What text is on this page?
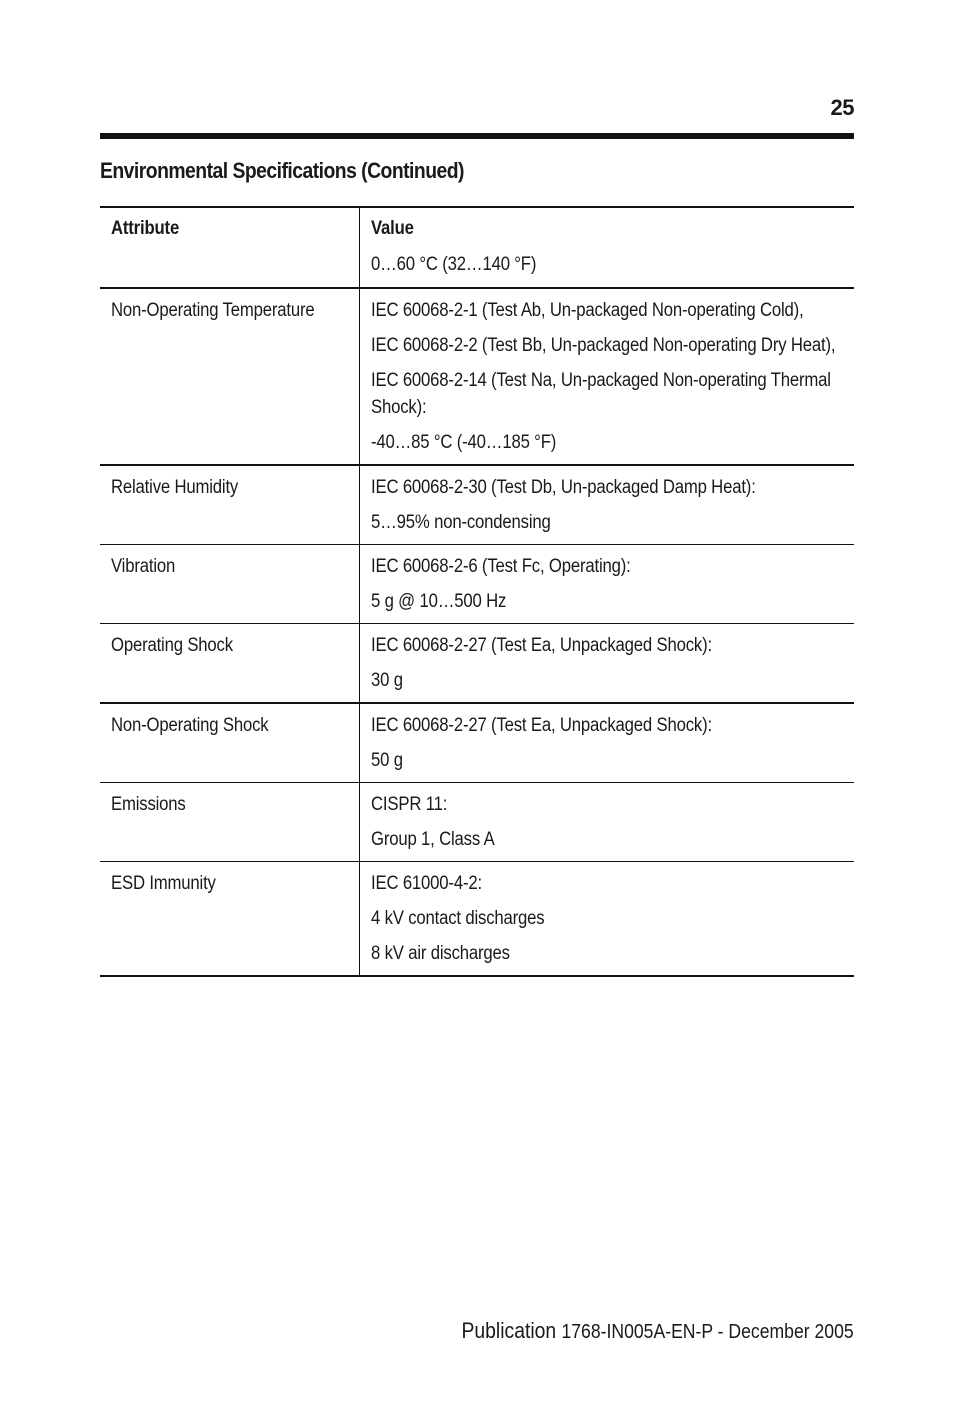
25
Environmental Specifications (Continued)
Attribute	Value

	0…60 °C (32…140 °F)

Non-Operating Temperature	IEC 60068-2-1 (Test Ab, Un-packaged Non-operating Cold),
IEC 60068-2-2 (Test Bb, Un-packaged Non-operating Dry Heat),
IEC 60068-2-14 (Test Na, Un-packaged Non-operating Thermal Shock):
-40…85 °C (-40…185 °F)

Relative Humidity	IEC 60068-2-30 (Test Db, Un-packaged Damp Heat):
5…95% non-condensing

Vibration	IEC 60068-2-6 (Test Fc, Operating):
5 g @ 10…500 Hz

Operating Shock	IEC 60068-2-27 (Test Ea, Unpackaged Shock):
30 g

Non-Operating Shock	IEC 60068-2-27 (Test Ea, Unpackaged Shock):
50 g

Emissions	CISPR 11:
Group 1, Class A

ESD Immunity	IEC 61000-4-2:
4 kV contact discharges
8 kV air discharges
Publication 1768-IN005A-EN-P - December 2005
